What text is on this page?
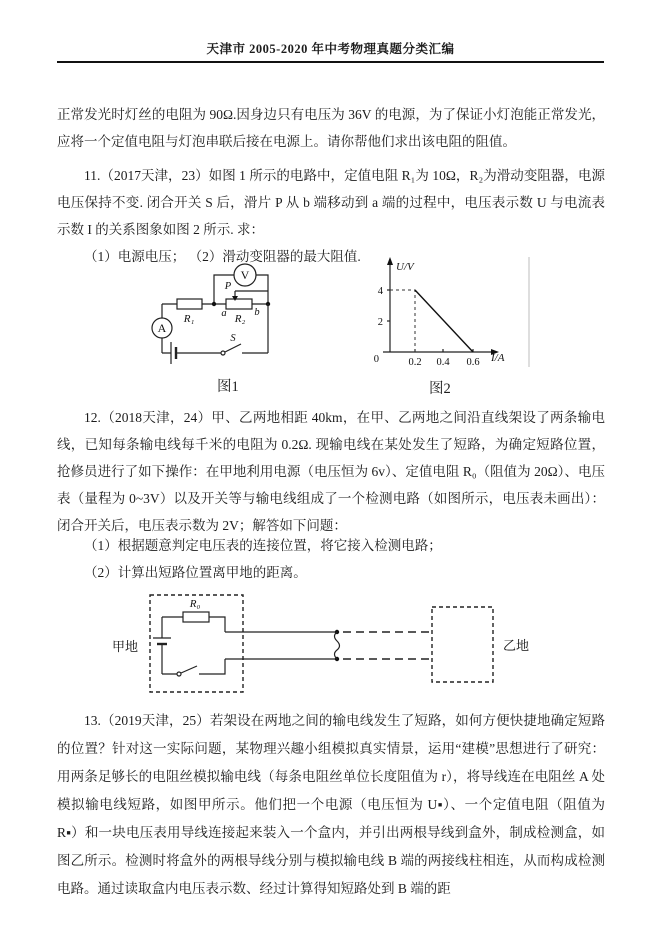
天津市 2005-2020 年中考物理真题分类汇编

正常发光时灯丝的电阻为 90Ω.因身边只有电压为 36V 的电源，为了保证小灯泡能正常发光，应将一个定值电阻与灯泡串联后接在电源上。请你帮他们求出该电阻的阻值。

11.（2017天津，23）如图 1 所示的电路中，定值电阻 R₁为 10Ω，R₂为滑动变阻器，电源电压保持不变. 闭合开关 S 后，滑片 P 从 b 端移动到 a 端的过程中，电压表示数 U 与电流表示数 I 的关系图象如图 2 所示. 求：

（1）电源电压； （2）滑动变阻器的最大阻值.

V
R₁	R₂
P
a	b
A
S
图1
U/V
I/A
4
2
0	0.2 0.4 0.6
图2

12.（2018天津，24）甲、乙两地相距 40km，在甲、乙两地之间沿直线架设了两条输电线，已知每条输电线每千米的电阻为 0.2Ω. 现输电线在某处发生了短路，为确定短路位置，抢修员进行了如下操作：在甲地利用电源（电压恒为 6v）、定值电阻 R₀（阻值为 20Ω）、电压表（量程为 0~3V）以及开关等与输电线组成了一个检测电路（如图所示，电压表未画出）：闭合开关后，电压表示数为 2V；解答如下问题：

（1）根据题意判定电压表的连接位置，将它接入检测电路；

（2）计算出短路位置离甲地的距离。

甲地
R₀
乙地

13.（2019天津，25）若架设在两地之间的输电线发生了短路，如何方便快捷地确定短路的位置？针对这一实际问题，某物理兴趣小组模拟真实情景，运用“建模”思想进行了研究：用两条足够长的电阻丝模拟输电线（每条电阻丝单位长度阻值为 r），将导线连在电阻丝 A 处模拟输电线短路，如图甲所示。他们把一个电源（电压恒为 U▪）、一个定值电阻（阻值为 R▪）和一块电压表用导线连接起来装入一个盒内，并引出两根导线到盒外，制成检测盒，如图乙所示。检测时将盒外的两根导线分别与模拟输电线 B 端的两接线柱相连，从而构成检测电路。通过读取盒内电压表示数、经过计算得知短路处到 B 端的距
